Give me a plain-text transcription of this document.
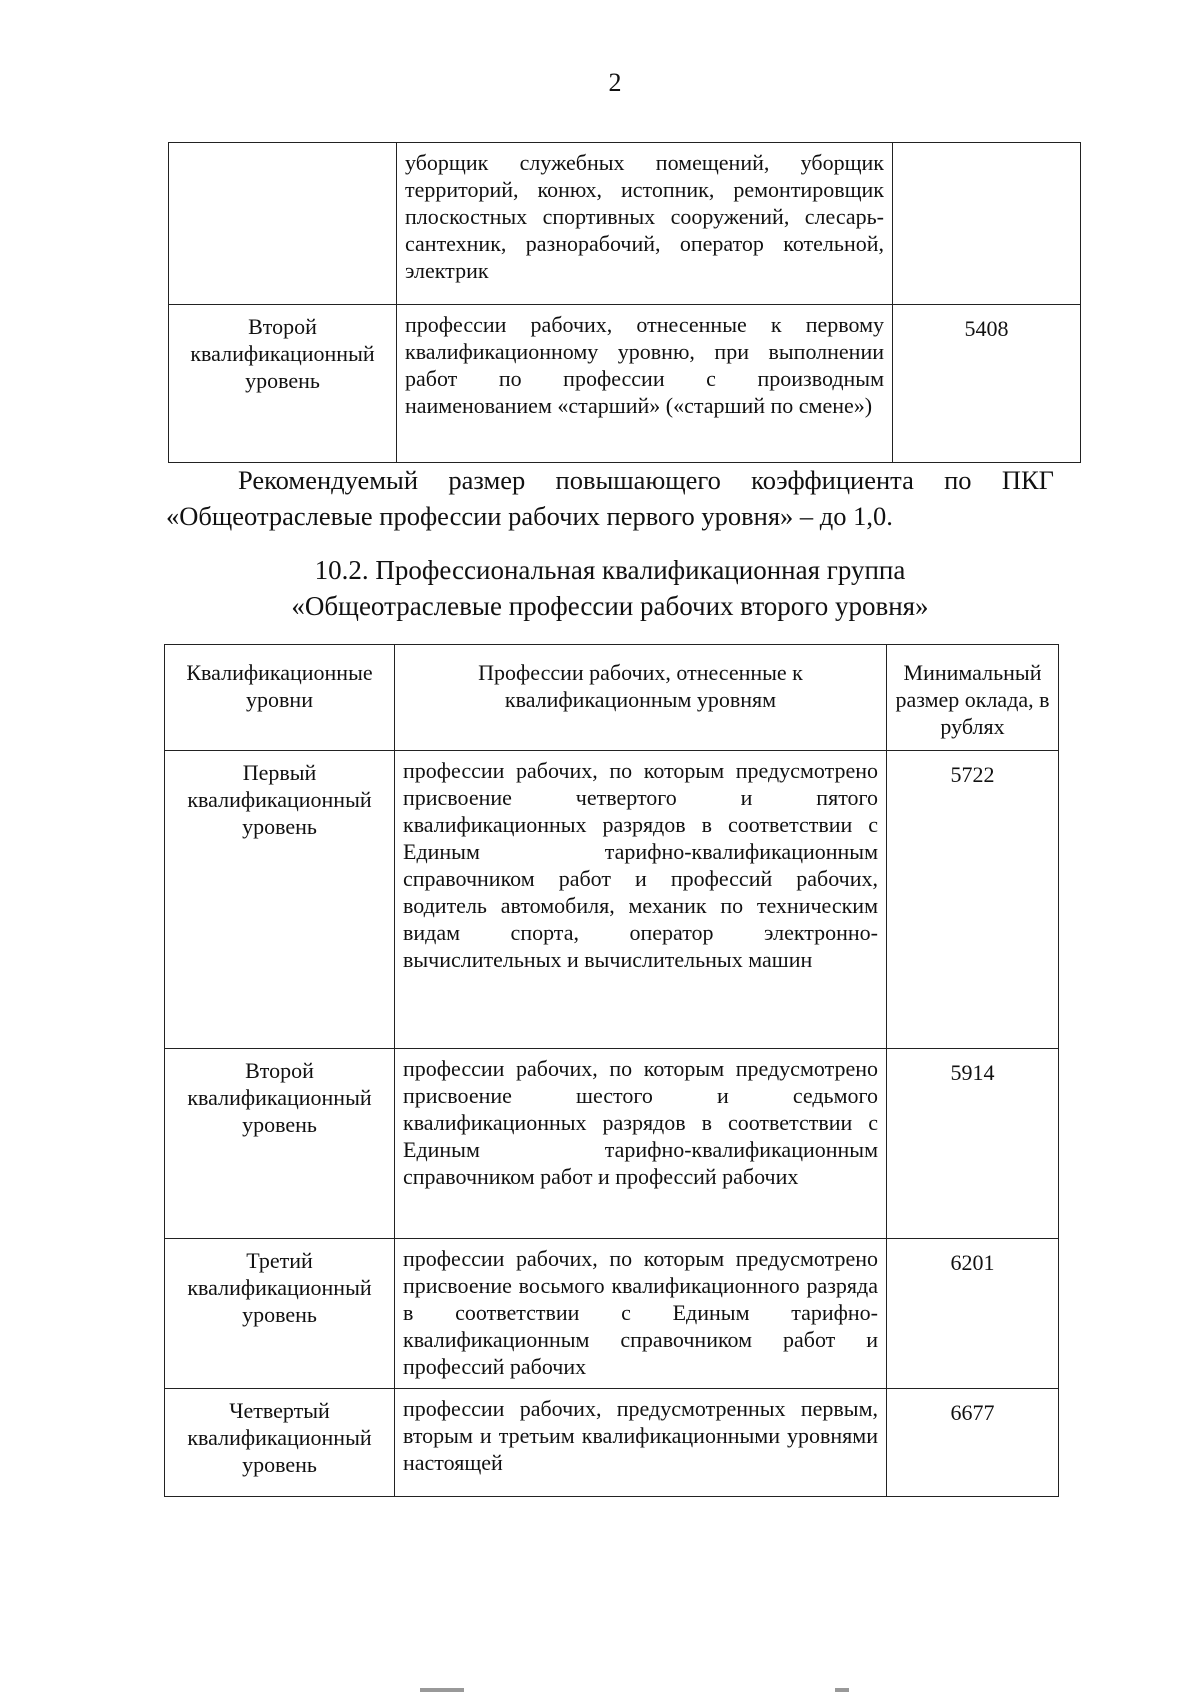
2
	уборщик служебных помещений, уборщик территорий, конюх, истопник, ремонтировщик плоскостных спортивных сооружений, слесарь-сантехник, разнорабочий, оператор котельной, электрик	
Второй квалификационный уровень	профессии рабочих, отнесенные к первому квалификационному уровню, при выполнении работ по профессии с производным наименованием «старший» («старший по смене»)	5408
Рекомендуемый размер повышающего коэффициента по ПКГ
«Общеотраслевые профессии рабочих первого уровня» – до 1,0.
10.2. Профессиональная квалификационная группа
«Общеотраслевые профессии рабочих второго уровня»
Квалификационные уровни	Профессии рабочих, отнесенные к квалификационным уровням	Минимальный размер оклада, в рублях
Первый квалификационный уровень	профессии рабочих, по которым предусмотрено присвоение четвертого и пятого квалификационных разрядов в соответствии с Единым тарифно-квалификационным справочником работ и профессий рабочих, водитель автомобиля, механик по техническим видам спорта, оператор электронно-вычислительных и вычислительных машин	5722
Второй квалификационный уровень	профессии рабочих, по которым предусмотрено присвоение шестого и седьмого квалификационных разрядов в соответствии с Единым тарифно-квалификационным справочником работ и профессий рабочих	5914
Третий квалификационный уровень	профессии рабочих, по которым предусмотрено присвоение восьмого квалификационного разряда в соответствии с Единым тарифно-квалификационным справочником работ и профессий рабочих	6201
Четвертый квалификационный уровень	профессии рабочих, предусмотренных первым, вторым и третьим квалификационными уровнями настоящей	6677
